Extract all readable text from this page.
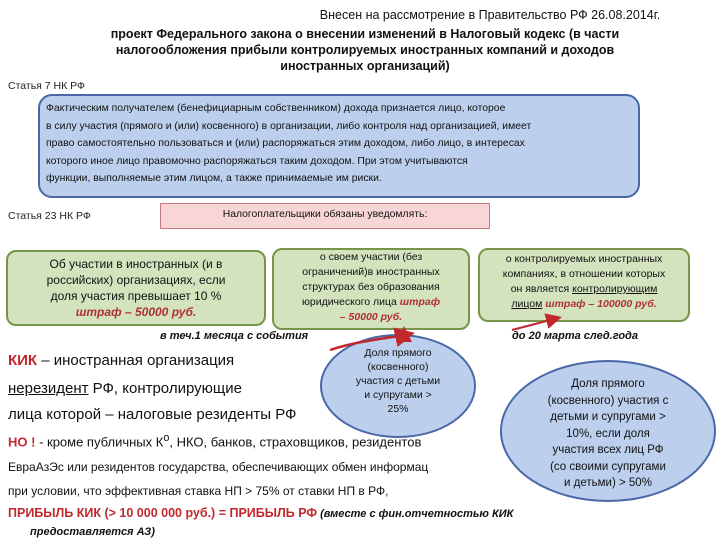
Внесен на рассмотрение в Правительство РФ 26.08.2014г.
проект Федерального закона о внесении изменений в Налоговый кодекс (в части
налогообложения прибыли контролируемых иностранных компаний и доходов
иностранных организаций)
Статья 7 НК РФ
Фактическим получателем (бенефициарным собственником) дохода признается лицо, которое
в силу участия (прямого и (или) косвенного) в организации, либо контроля над организацией, имеет
право самостоятельно пользоваться и (или) распоряжаться этим доходом, либо лицо, в интересах
которого иное лицо правомочно распоряжаться таким доходом. При этом учитываются
функции, выполняемые этим лицом, а также принимаемые им риски.
Статья 23 НК РФ	Налогоплательщики обязаны уведомлять:
Об участии в иностранных (и в
российских) организациях, если
доля участия превышает 10 %
штраф – 50000 руб.
о своем участии (без
ограничений)в иностранных
структурах без образования
юридического лица штраф
– 50000 руб.
о контролируемых иностранных
компаниях, в отношении которых
он является контролирующим
лицом штраф – 100000 руб.
в теч.1 месяца с события	до 20 марта след.года
Доля прямого
(косвенного)
участия с детьми
и супругами >
25%
Доля прямого
(косвенного) участия с
детьми и супругами >
10%, если доля
участия всех лиц РФ
(со своими супругами
и детьми) > 50%
КИК – иностранная организация
нерезидент РФ, контролирующие
лица которой – налоговые резиденты РФ
НО ! - кроме публичных $К^о$, НКО, банков, страховщиков, резидентов
ЕвраАзЭс или резидентов государства, обеспечивающих обмен информац
при условии, что эффективная ставка НП > 75% от ставки НП в РФ,
ПРИБЫЛЬ КИК (> 10 000 000 руб.) = ПРИБЫЛЬ РФ (вместе с фин.отчетностью КИК
предоставляется АЗ)
